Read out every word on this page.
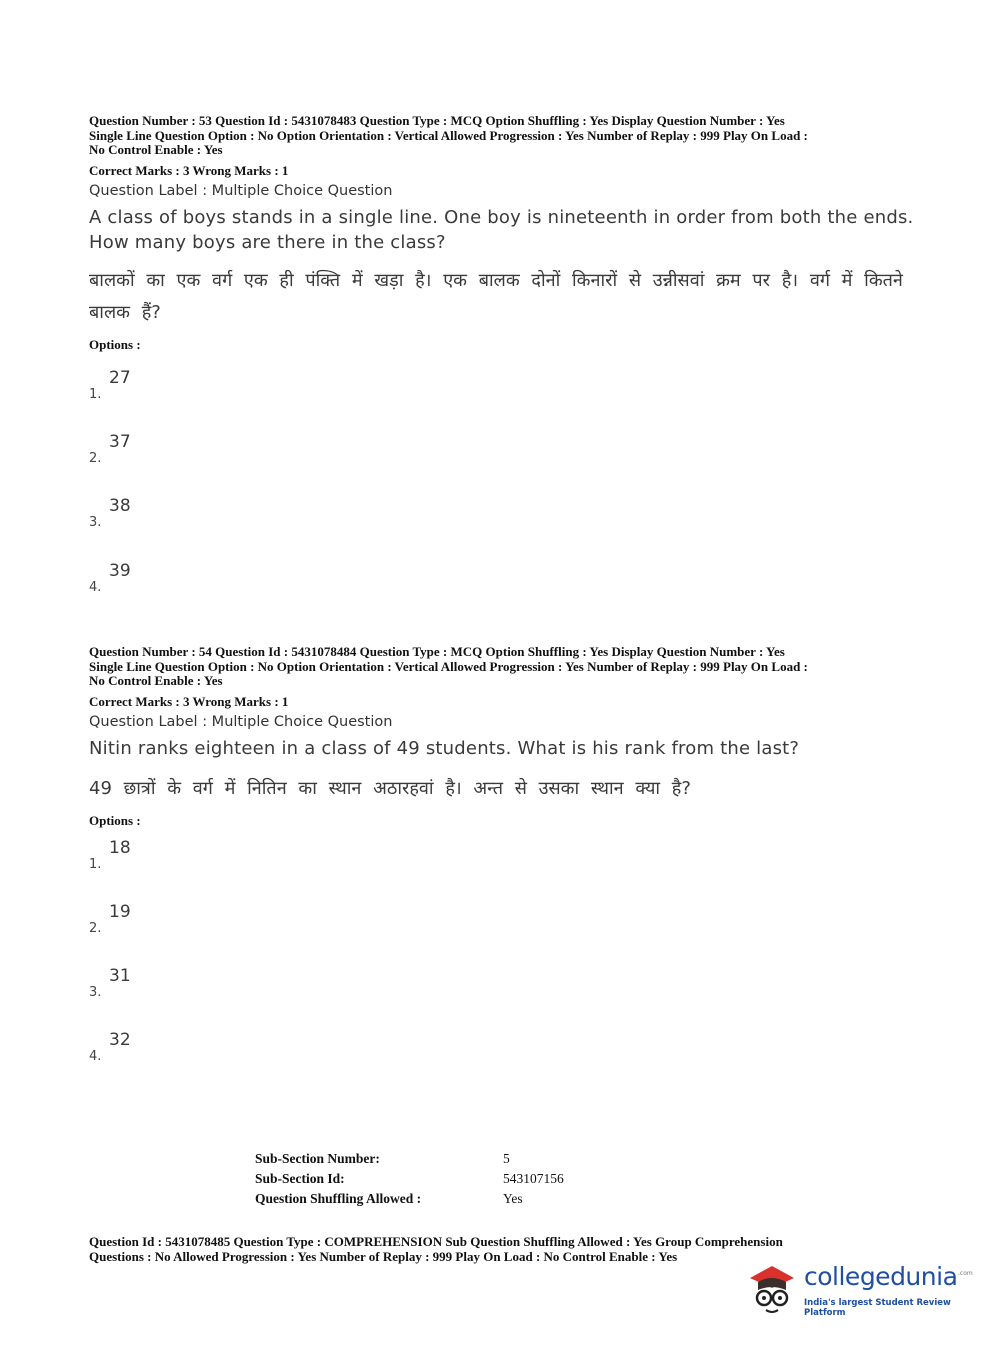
Question Number : 53 Question Id : 5431078483 Question Type : MCQ Option Shuffling : Yes Display Question Number : Yes
Single Line Question Option : No Option Orientation : Vertical Allowed Progression : Yes Number of Replay : 999 Play On Load :
No Control Enable : Yes
Correct Marks : 3 Wrong Marks : 1
Question Label : Multiple Choice Question
A class of boys stands in a single line. One boy is nineteenth in order from both the ends. How many boys are there in the class?
बालकों का एक वर्ग एक ही पंक्ति में खड़ा है। एक बालक दोनों किनारों से उन्नीसवां क्रम पर है। वर्ग में कितने बालक हैं?
Options :
1.
27
2.
37
3.
38
4.
39
Question Number : 54 Question Id : 5431078484 Question Type : MCQ Option Shuffling : Yes Display Question Number : Yes
Single Line Question Option : No Option Orientation : Vertical Allowed Progression : Yes Number of Replay : 999 Play On Load :
No Control Enable : Yes
Correct Marks : 3 Wrong Marks : 1
Question Label : Multiple Choice Question
Nitin ranks eighteen in a class of 49 students. What is his rank from the last?
49 छात्रों के वर्ग में नितिन का स्थान अठारहवां है। अन्त से उसका स्थान क्या है?
Options :
1.
18
2.
19
3.
31
4.
32
Sub-Section Number:	5
Sub-Section Id:	543107156
Question Shuffling Allowed :	Yes
Question Id : 5431078485 Question Type : COMPREHENSION Sub Question Shuffling Allowed : Yes Group Comprehension
Questions : No Allowed Progression : Yes Number of Replay : 999 Play On Load : No Control Enable : Yes
collegedunia .com
India's largest Student Review Platform
